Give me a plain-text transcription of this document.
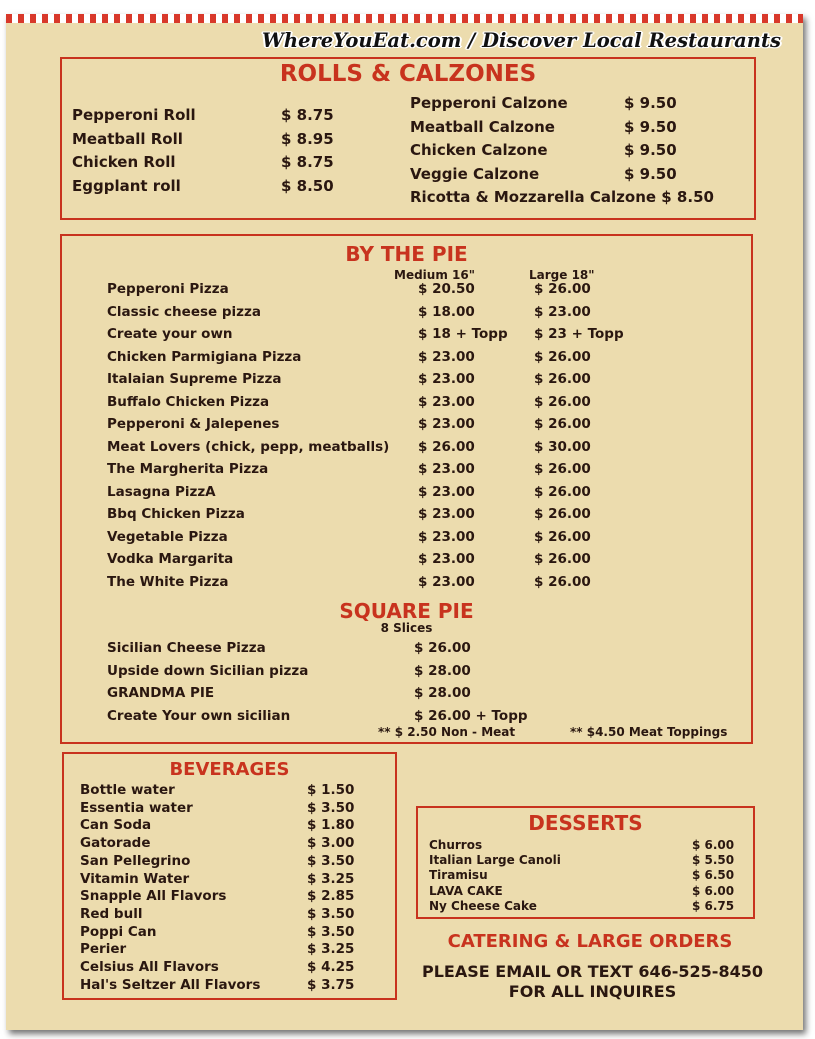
WhereYouEat.com / Discover Local Restaurants
ROLLS & CALZONES
Pepperoni Roll	$ 8.75
Meatball Roll	$ 8.95
Chicken Roll	$ 8.75
Eggplant roll	$ 8.50
Pepperoni Calzone	$ 9.50
Meatball Calzone	$ 9.50
Chicken Calzone	$ 9.50
Veggie Calzone	$ 9.50
Ricotta & Mozzarella Calzone $ 8.50
BY THE PIE
Medium 16"	Large 18"
Pepperoni Pizza	$ 20.50	$ 26.00
Classic cheese pizza	$ 18.00	$ 23.00
Create your own	$ 18 + Topp $ 23 + Topp
Chicken Parmigiana Pizza	$ 23.00	$ 26.00
Italaian Supreme Pizza	$ 23.00	$ 26.00
Buffalo Chicken Pizza	$ 23.00	$ 26.00
Pepperoni & Jalepenes	$ 23.00	$ 26.00
Meat Lovers (chick, pepp, meatballs) $ 26.00	$ 30.00
The Margherita Pizza	$ 23.00	$ 26.00
Lasagna PizzA	$ 23.00	$ 26.00
Bbq Chicken Pizza	$ 23.00	$ 26.00
Vegetable Pizza	$ 23.00	$ 26.00
Vodka Margarita	$ 23.00	$ 26.00
The White Pizza	$ 23.00	$ 26.00
SQUARE PIE
8 Slices
Sicilian Cheese Pizza	$ 26.00
Upside down Sicilian pizza	$ 28.00
GRANDMA PIE	$ 28.00
Create Your own sicilian	$ 26.00 + Topp
** $ 2.50 Non - Meat	** $4.50 Meat Toppings
BEVERAGES
Bottle water	$ 1.50
Essentia water	$ 3.50
Can Soda	$ 1.80
Gatorade	$ 3.00
San Pellegrino	$ 3.50
Vitamin Water	$ 3.25
Snapple All Flavors	$ 2.85
Red bull	$ 3.50
Poppi Can	$ 3.50
Perier	$ 3.25
Celsius All Flavors	$ 4.25
Hal's Seltzer All Flavors	$ 3.75
DESSERTS
Churros	$ 6.00
Italian Large Canoli	$ 5.50
Tiramisu	$ 6.50
LAVA CAKE	$ 6.00
Ny Cheese Cake	$ 6.75
CATERING & LARGE ORDERS
PLEASE EMAIL OR TEXT 646-525-8450
FOR ALL INQUIRES
